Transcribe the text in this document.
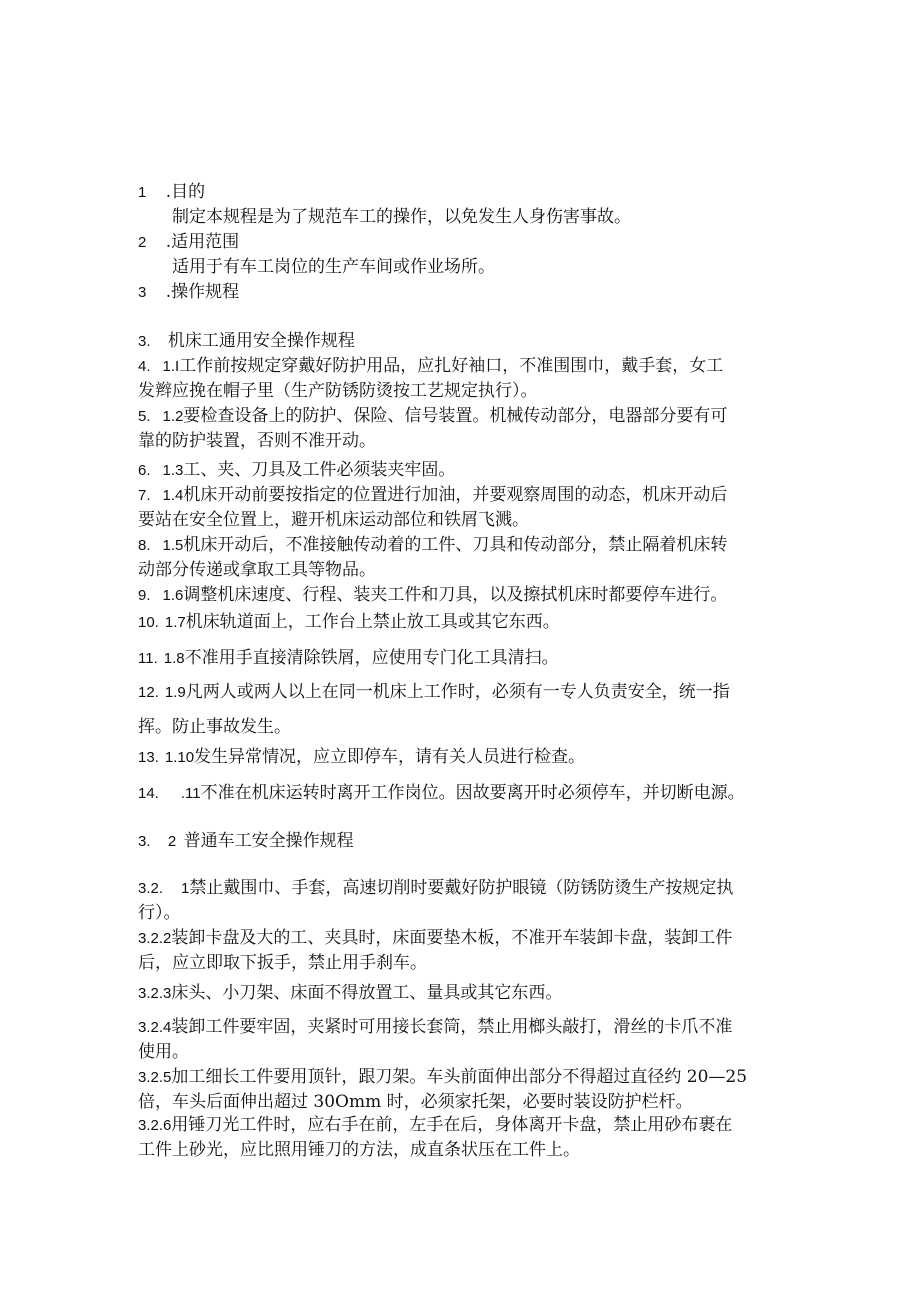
1 .目的
制定本规程是为了规范车工的操作，以免发生人身伤害事故。
2 .适用范围
适用于有车工岗位的生产车间或作业场所。
3 .操作规程
3. 机床工通用安全操作规程
4. 1.I工作前按规定穿戴好防护用品，应扎好袖口，不准围围巾，戴手套，女工
发辫应挽在帽子里（生产防锈防烫按工艺规定执行）。
5. 1.2要检查设备上的防护、保险、信号装置。机械传动部分，电器部分要有可
靠的防护装置，否则不准开动。
6. 1.3工、夹、刀具及工件必须装夹牢固。
7. 1.4机床开动前要按指定的位置进行加油，并要观察周围的动态，机床开动后
要站在安全位置上，避开机床运动部位和铁屑飞溅。
8. 1.5机床开动后，不准接触传动着的工件、刀具和传动部分，禁止隔着机床转
动部分传递或拿取工具等物品。
9. 1.6调整机床速度、行程、装夹工件和刀具，以及擦拭机床时都要停车进行。
10. 1.7机床轨道面上，工作台上禁止放工具或其它东西。
11. 1.8不准用手直接清除铁屑，应使用专门化工具清扫。
12. 1.9凡两人或两人以上在同一机床上工作时，必须有一专人负责安全，统一指
挥。防止事故发生。
13. 1.10发生异常情况，应立即停车，请有关人员进行检查。
14. .11不准在机床运转时离开工作岗位。因故要离开时必须停车，并切断电源。
3. 2 普通车工安全操作规程
3.2. 1禁止戴围巾、手套，高速切削时要戴好防护眼镜（防锈防烫生产按规定执
行）。
3.2.2装卸卡盘及大的工、夹具时，床面要垫木板，不准开车装卸卡盘，装卸工件
后，应立即取下扳手，禁止用手刹车。
3.2.3床头、小刀架、床面不得放置工、量具或其它东西。
3.2.4装卸工件要牢固，夹紧时可用接长套筒，禁止用榔头敲打，滑丝的卡爪不准
使用。
3.2.5加工细长工件要用顶针，跟刀架。车头前面伸出部分不得超过直径约 20—25
倍，车头后面伸出超过 30Omm 时，必须家托架，必要时装设防护栏杆。
3.2.6用锤刀光工件时，应右手在前，左手在后，身体离开卡盘，禁止用砂布裹在
工件上砂光，应比照用锤刀的方法，成直条状压在工件上。
